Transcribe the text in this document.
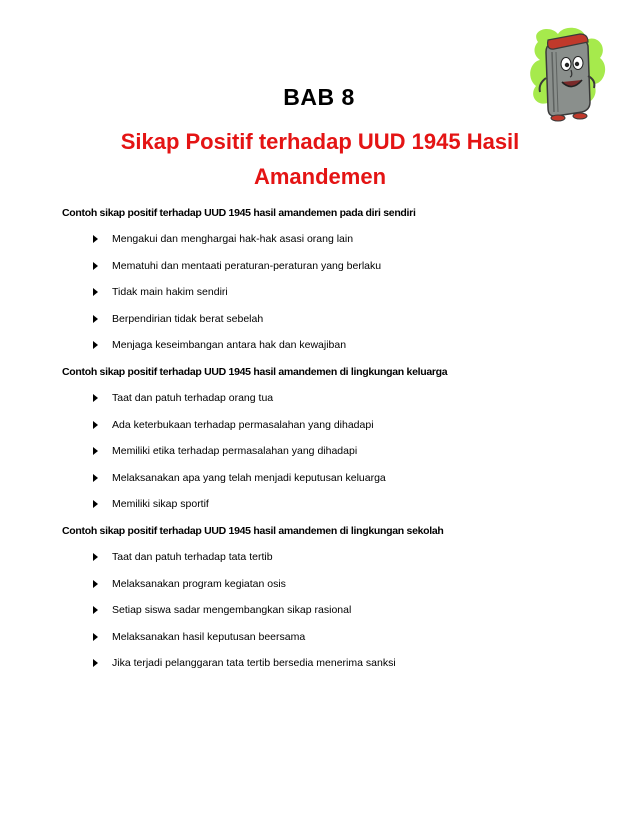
BAB 8
Sikap Positif terhadap UUD 1945 Hasil Amandemen
Contoh sikap positif terhadap UUD 1945 hasil amandemen pada diri sendiri
Mengakui dan menghargai hak-hak asasi orang lain
Mematuhi dan mentaati peraturan-peraturan yang berlaku
Tidak main hakim sendiri
Berpendirian tidak berat sebelah
Menjaga keseimbangan antara hak dan kewajiban
Contoh sikap positif terhadap UUD 1945 hasil amandemen di lingkungan keluarga
Taat dan patuh terhadap orang tua
Ada keterbukaan terhadap permasalahan yang dihadapi
Memiliki etika terhadap permasalahan yang dihadapi
Melaksanakan apa yang telah menjadi keputusan keluarga
Memiliki sikap sportif
Contoh sikap positif terhadap UUD 1945 hasil amandemen di lingkungan sekolah
Taat dan patuh terhadap tata tertib
Melaksanakan program kegiatan osis
Setiap siswa sadar mengembangkan sikap rasional
Melaksanakan hasil keputusan beersama
Jika terjadi pelanggaran tata tertib bersedia menerima sanksi
